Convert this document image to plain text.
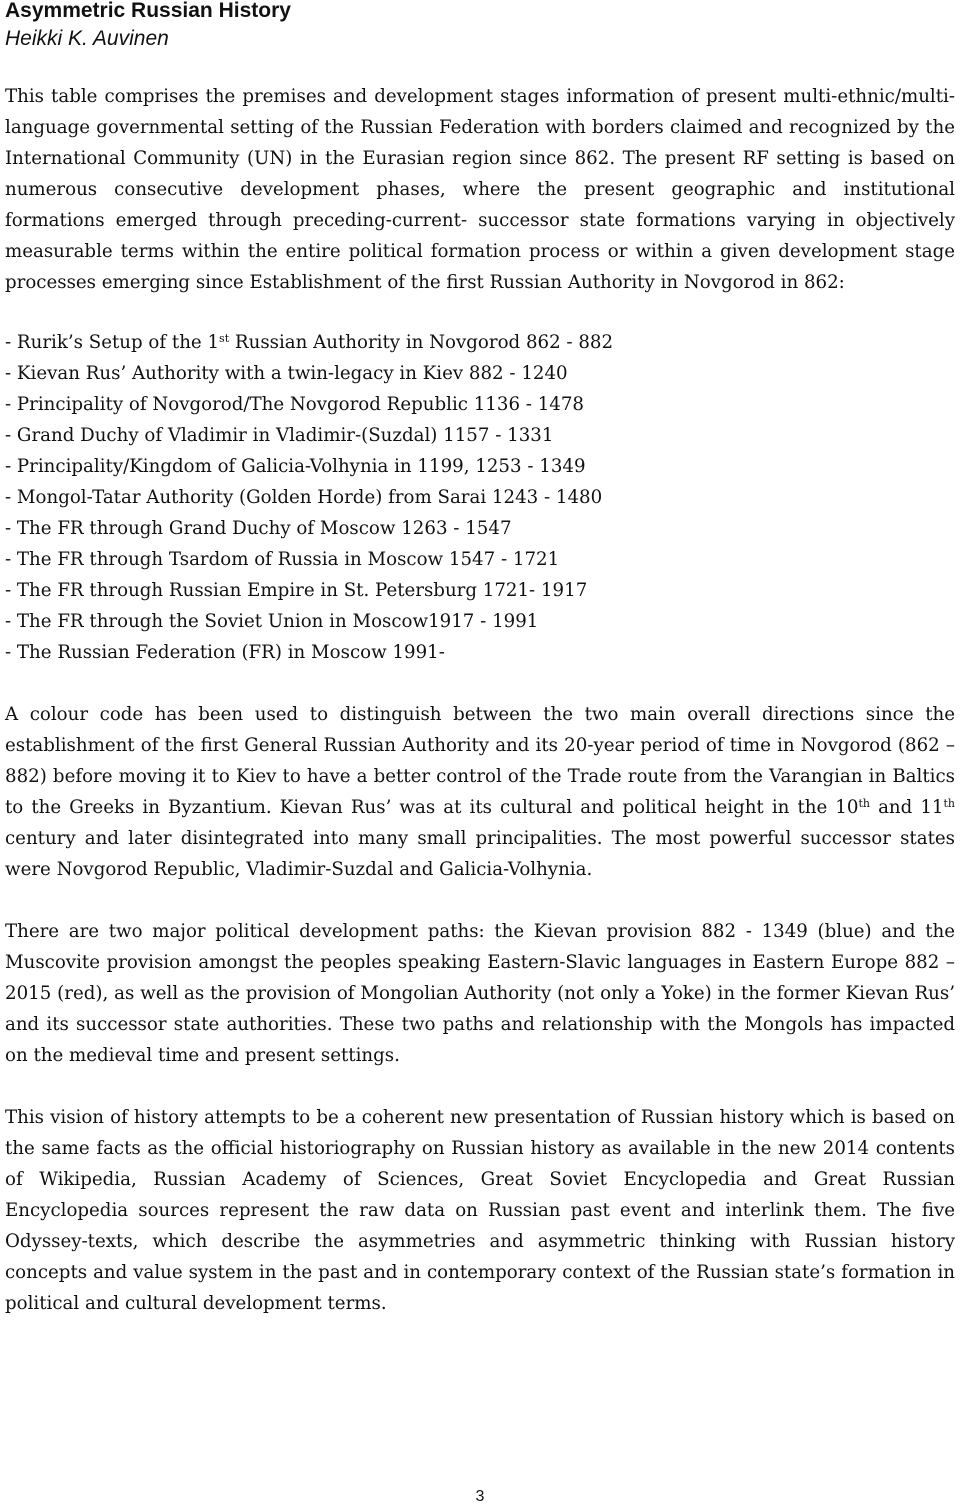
Asymmetric Russian History

Heikki K. Auvinen

This table comprises the premises and development stages information of present multi-ethnic/multi-language governmental setting of the Russian Federation with borders claimed and recognized by the International Community (UN) in the Eurasian region since 862. The present RF setting is based on numerous consecutive development phases, where the present geographic and institutional formations emerged through preceding-current- successor state formations varying in objectively measurable terms within the entire political formation process or within a given development stage processes emerging since Establishment of the first Russian Authority in Novgorod in 862:

- Rurik’s Setup of the 1st Russian Authority in Novgorod 862 - 882
- Kievan Rus’ Authority with a twin-legacy in Kiev 882 - 1240
- Principality of Novgorod/The Novgorod Republic 1136 - 1478
- Grand Duchy of Vladimir in Vladimir-(Suzdal) 1157 - 1331
- Principality/Kingdom of Galicia-Volhynia in 1199, 1253 - 1349
- Mongol-Tatar Authority (Golden Horde) from Sarai 1243 - 1480
- The FR through Grand Duchy of Moscow 1263 - 1547
- The FR through Tsardom of Russia in Moscow 1547 - 1721
- The FR through Russian Empire in St. Petersburg 1721- 1917
- The FR through the Soviet Union in Moscow1917 - 1991
- The Russian Federation (FR) in Moscow 1991-

A colour code has been used to distinguish between the two main overall directions since the establishment of the first General Russian Authority and its 20-year period of time in Novgorod (862 – 882) before moving it to Kiev to have a better control of the Trade route from the Varangian in Baltics to the Greeks in Byzantium. Kievan Rus’ was at its cultural and political height in the 10th and 11th century and later disintegrated into many small principalities. The most powerful successor states were Novgorod Republic, Vladimir-Suzdal and Galicia-Volhynia.

There are two major political development paths: the Kievan provision 882 - 1349 (blue) and the Muscovite provision amongst the peoples speaking Eastern-Slavic languages in Eastern Europe 882 – 2015 (red), as well as the provision of Mongolian Authority (not only a Yoke) in the former Kievan Rus’ and its successor state authorities. These two paths and relationship with the Mongols has impacted on the medieval time and present settings.

This vision of history attempts to be a coherent new presentation of Russian history which is based on the same facts as the official historiography on Russian history as available in the new 2014 contents of Wikipedia, Russian Academy of Sciences, Great Soviet Encyclopedia and Great Russian Encyclopedia sources represent the raw data on Russian past event and interlink them. The five Odyssey-texts, which describe the asymmetries and asymmetric thinking with Russian history concepts and value system in the past and in contemporary context of the Russian state’s formation in political and cultural development terms.

3
